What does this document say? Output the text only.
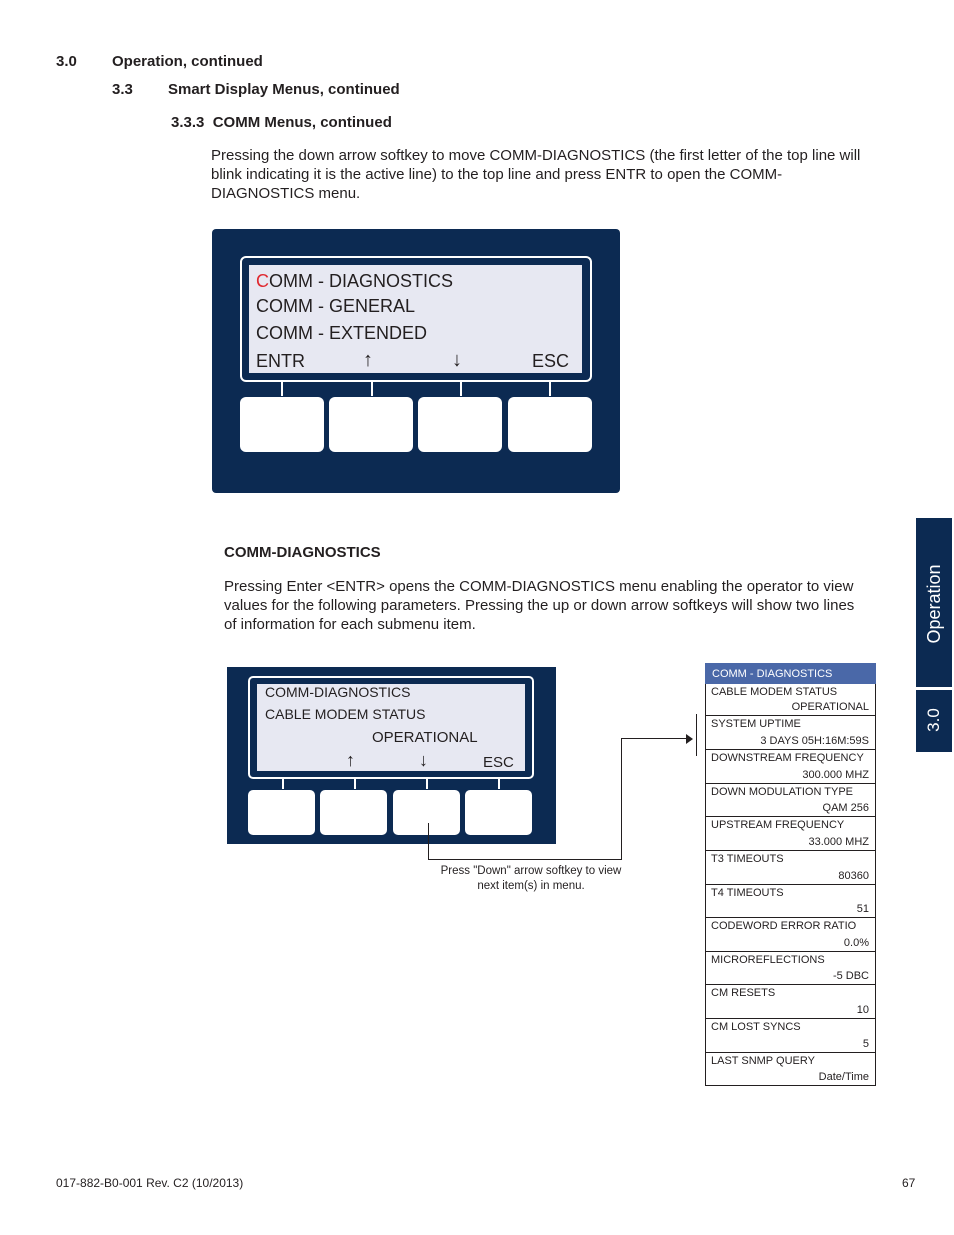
3.0 Operation, continued
3.3 Smart Display Menus, continued
3.3.3  COMM Menus, continued
Pressing the down arrow softkey to move COMM-DIAGNOSTICS (the first letter of the top line will blink indicating it is the active line) to the top line and press ENTR to open the COMM-DIAGNOSTICS menu.
COMM - DIAGNOSTICS
COMM - GENERAL
COMM - EXTENDED
ENTR	↑	↓	ESC
COMM-DIAGNOSTICS
Pressing Enter <ENTR> opens the COMM-DIAGNOSTICS menu enabling the operator to view values for the following parameters. Pressing the up or down arrow softkeys will show two lines of information for each submenu item.
COMM-DIAGNOSTICS
CABLE MODEM STATUS
OPERATIONAL
↑	↓	ESC
Press "Down" arrow softkey to view next item(s) in menu.
COMM - DIAGNOSTICS
CABLE MODEM STATUS
OPERATIONAL
SYSTEM UPTIME
3 DAYS 05H:16M:59S
DOWNSTREAM FREQUENCY
300.000 MHZ
DOWN MODULATION TYPE
QAM 256
UPSTREAM FREQUENCY
33.000 MHZ
T3 TIMEOUTS
80360
T4 TIMEOUTS
51
CODEWORD ERROR RATIO
0.0%
MICROREFLECTIONS
-5 DBC
CM RESETS
10
CM LOST SYNCS
5
LAST SNMP QUERY
Date/Time
Operation
3.0
017-882-B0-001 Rev. C2 (10/2013)	67
